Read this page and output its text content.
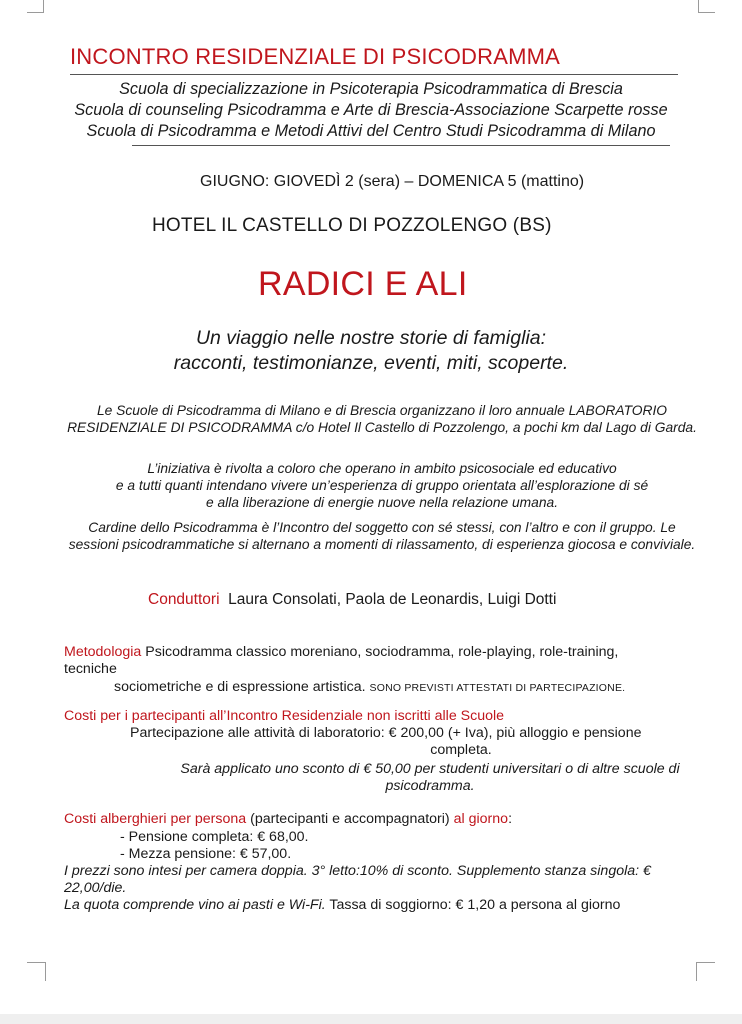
INCONTRO RESIDENZIALE DI PSICODRAMMA
Scuola di specializzazione in Psicoterapia Psicodrammatica di Brescia
Scuola di counseling Psicodramma e Arte di Brescia-Associazione Scarpette rosse
Scuola di Psicodramma e Metodi Attivi del Centro Studi Psicodramma di Milano
GIUGNO: GIOVEDÌ 2 (sera) – DOMENICA 5 (mattino)
HOTEL IL CASTELLO DI POZZOLENGO (BS)
RADICI E ALI
Un viaggio nelle nostre storie di famiglia:
racconti, testimonianze, eventi, miti, scoperte.
Le Scuole di Psicodramma di Milano e di Brescia organizzano il loro annuale LABORATORIO RESIDENZIALE DI PSICODRAMMA c/o Hotel Il Castello di Pozzolengo, a pochi km dal Lago di Garda.
L’iniziativa è rivolta a coloro che operano in ambito psicosociale ed educativo
e a tutti quanti intendano vivere un’esperienza di gruppo orientata all’esplorazione di sé
e alla liberazione di energie nuove nella relazione umana.
Cardine dello Psicodramma è l’Incontro del soggetto con sé stessi, con l’altro e con il gruppo. Le sessioni psicodrammatiche si alternano a momenti di rilassamento, di esperienza giocosa e conviviale.
Conduttori Laura Consolati, Paola de Leonardis, Luigi Dotti
Metodologia Psicodramma classico moreniano, sociodramma, role-playing, role-training,
tecniche
sociometriche e di espressione artistica. SONO PREVISTI ATTESTATI DI PARTECIPAZIONE.
Costi per i partecipanti all’Incontro Residenziale non iscritti alle Scuole
Partecipazione alle attività di laboratorio: € 200,00 (+ Iva), più alloggio e pensione
completa.
Sarà applicato uno sconto di € 50,00 per studenti universitari o di altre scuole di psicodramma.
Costi alberghieri per persona (partecipanti e accompagnatori) al giorno:
- Pensione completa: € 68,00.
- Mezza pensione: € 57,00.
I prezzi sono intesi per camera doppia. 3° letto:10% di sconto. Supplemento stanza singola: € 22,00/die.
La quota comprende vino ai pasti e Wi-Fi. Tassa di soggiorno: € 1,20 a persona al giorno
